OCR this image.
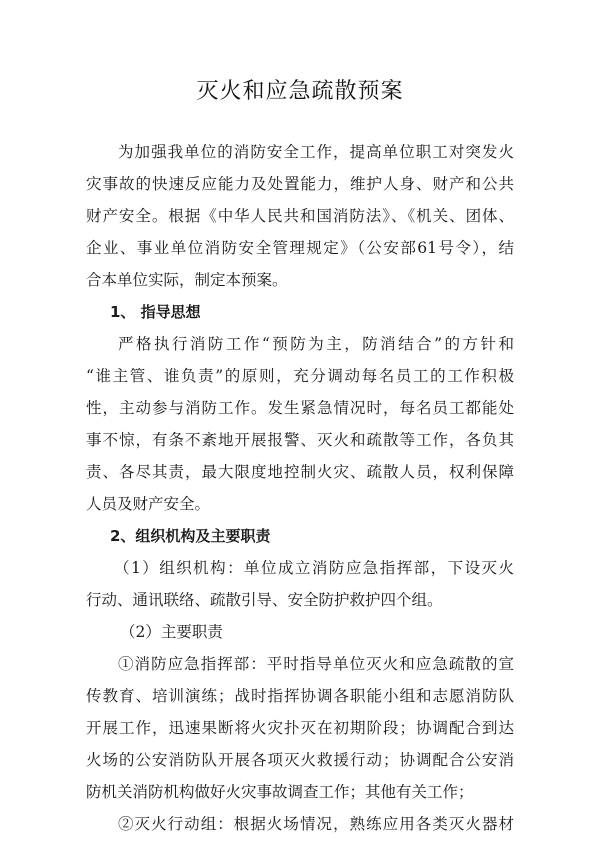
灭火和应急疏散预案
为加强我单位的消防安全工作，提高单位职工对突发火
灾事故的快速反应能力及处置能力，维护人身、财产和公共
财产安全。根据《中华人民共和国消防法》、《机关、团体、
企业、事业单位消防安全管理规定》（公安部61号令），结
合本单位实际，制定本预案。
1、 指导思想
严格执行消防工作“预防为主，防消结合”的方针和
“谁主管、谁负责”的原则，充分调动每名员工的工作积极
性，主动参与消防工作。发生紧急情况时，每名员工都能处
事不惊，有条不紊地开展报警、灭火和疏散等工作，各负其
责、各尽其责，最大限度地控制火灾、疏散人员，权利保障
人员及财产安全。
2、组织机构及主要职责
（1）组织机构：单位成立消防应急指挥部，下设灭火
行动、通讯联络、疏散引导、安全防护救护四个组。
（2）主要职责
①消防应急指挥部：平时指导单位灭火和应急疏散的宣
传教育、培训演练；战时指挥协调各职能小组和志愿消防队
开展工作，迅速果断将火灾扑灭在初期阶段；协调配合到达
火场的公安消防队开展各项灭火救援行动；协调配合公安消
防机关消防机构做好火灾事故调查工作；其他有关工作；
②灭火行动组：根据火场情况，熟练应用各类灭火器材
